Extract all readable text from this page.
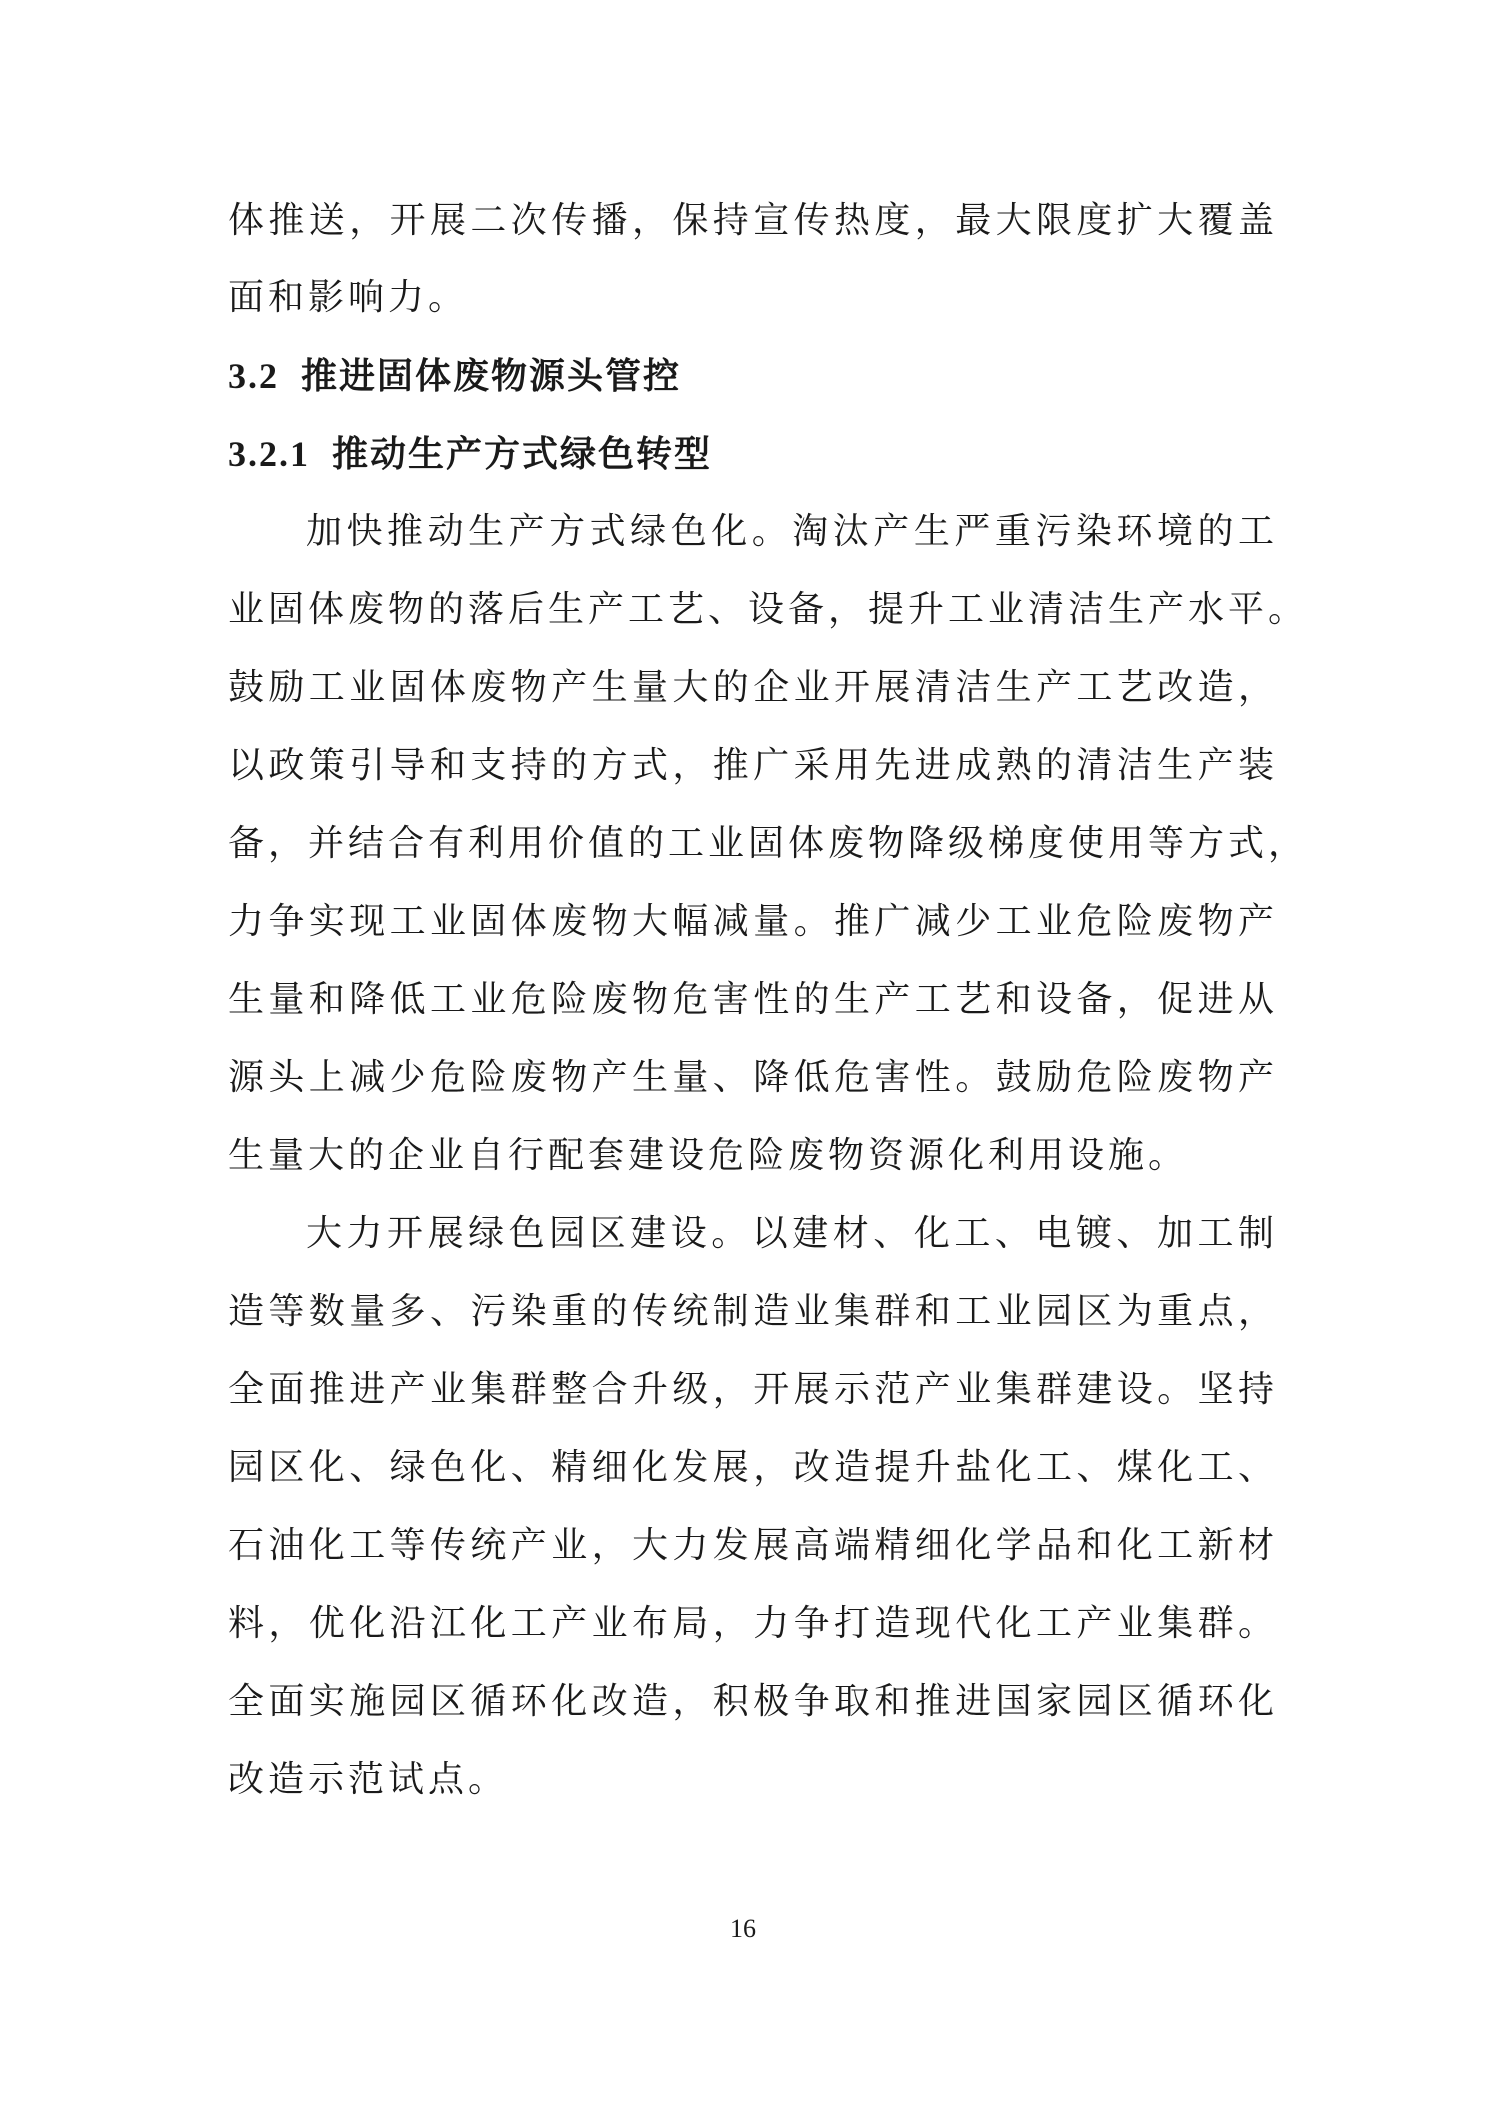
体推送，开展二次传播，保持宣传热度，最大限度扩大覆盖
面和影响力。
3.2 推进固体废物源头管控
3.2.1 推动生产方式绿色转型
加快推动生产方式绿色化。淘汰产生严重污染环境的工
业固体废物的落后生产工艺、设备，提升工业清洁生产水平。
鼓励工业固体废物产生量大的企业开展清洁生产工艺改造，
以政策引导和支持的方式，推广采用先进成熟的清洁生产装
备，并结合有利用价值的工业固体废物降级梯度使用等方式，
力争实现工业固体废物大幅减量。推广减少工业危险废物产
生量和降低工业危险废物危害性的生产工艺和设备，促进从
源头上减少危险废物产生量、降低危害性。鼓励危险废物产
生量大的企业自行配套建设危险废物资源化利用设施。
大力开展绿色园区建设。以建材、化工、电镀、加工制
造等数量多、污染重的传统制造业集群和工业园区为重点，
全面推进产业集群整合升级，开展示范产业集群建设。坚持
园区化、绿色化、精细化发展，改造提升盐化工、煤化工、
石油化工等传统产业，大力发展高端精细化学品和化工新材
料，优化沿江化工产业布局，力争打造现代化工产业集群。
全面实施园区循环化改造，积极争取和推进国家园区循环化
改造示范试点。
16
